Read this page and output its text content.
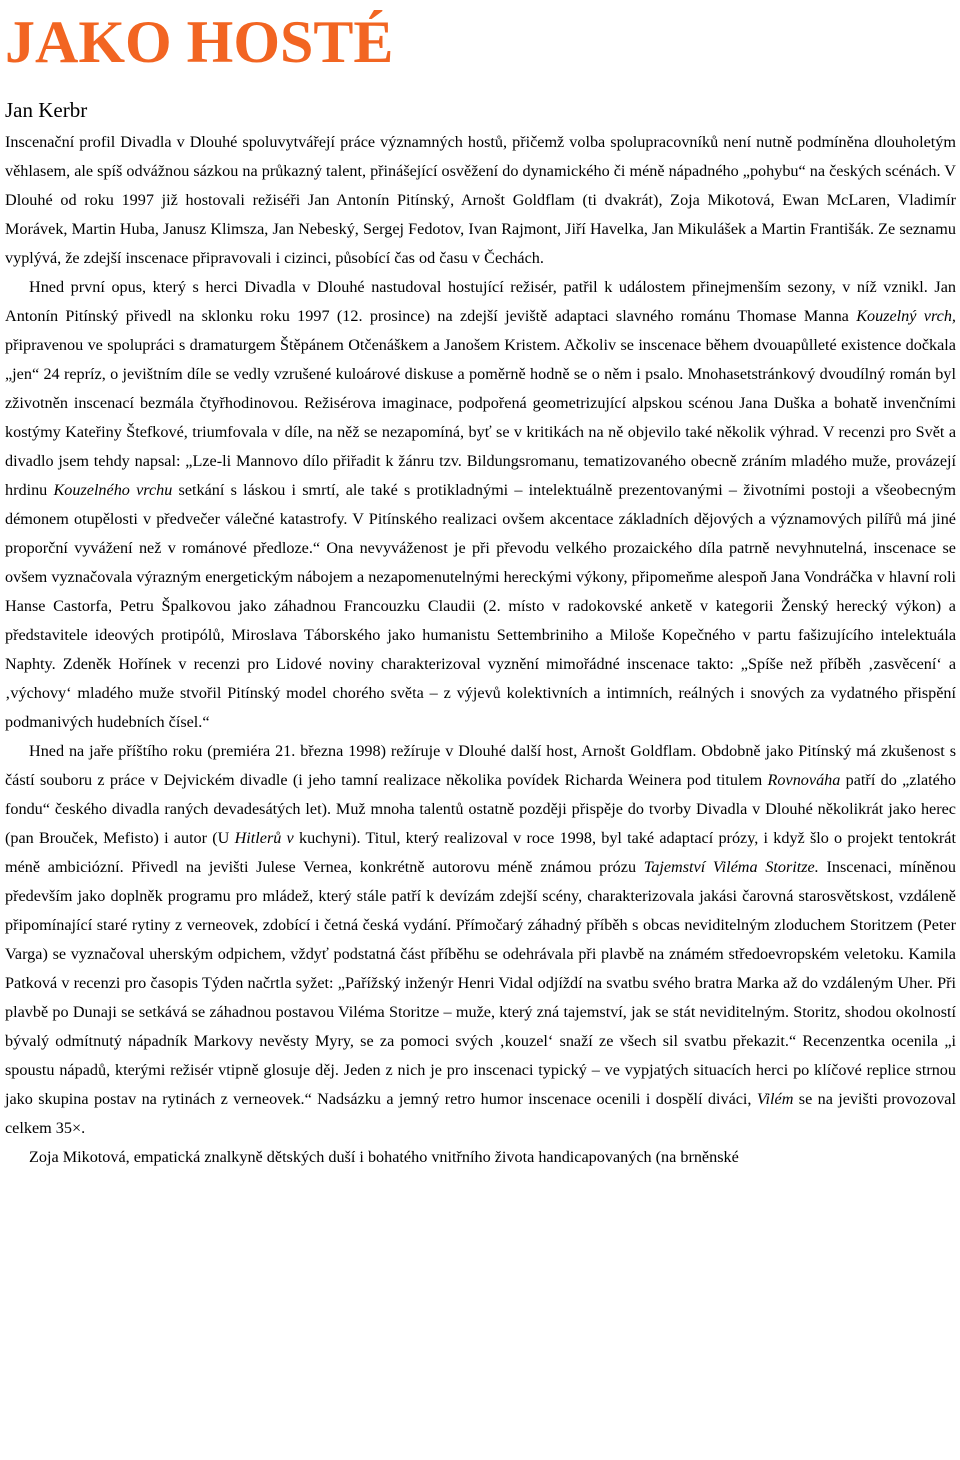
JAKO HOSTÉ
Jan Kerbr

Inscenační profil Divadla v Dlouhé spoluvytvářejí práce významných hostů, přičemž volba spolupracovníků není nutně podmíněna dlouholetým věhlasem, ale spíš odvážnou sázkou na průkazný talent, přinášející osvěžení do dynamického či méně nápadného „pohybu“ na českých scénách. V Dlouhé od roku 1997 již hostovali režiséři Jan Antonín Pitínský, Arnošt Goldflam (ti dvakrát), Zoja Mikotová, Ewan McLaren, Vladimír Morávek, Martin Huba, Janusz Klimsza, Jan Nebeský, Sergej Fedotov, Ivan Rajmont, Jiří Havelka, Jan Mikulášek a Martin Františák. Ze seznamu vyplývá, že zdejší inscenace připravovali i cizinci, působící čas od času v Čechách.

Hned první opus, který s herci Divadla v Dlouhé nastudoval hostující režisér, patřil k událostem přinejmenším sezony, v níž vznikl. Jan Antonín Pitínský přivedl na sklonku roku 1997 (12. prosince) na zdejší jeviště adaptaci slavného románu Thomase Manna Kouzelný vrch, připravenou ve spolupráci s dramaturgem Štěpánem Otčenáškem a Janošem Kristem. Ačkoliv se inscenace během dvouapůlleté existence dočkala „jen“ 24 repríz, o jevištním díle se vedly vzrušené kuloárové diskuse a poměrně hodně se o něm i psalo. Mnohasetstránkový dvoudílný román byl zživotněn inscenací bezmála čtyřhodinovou. Režisérova imaginace, podpořená geometrizující alpskou scénou Jana Duška a bohatě invenčními kostýmy Kateřiny Štefkové, triumfovala v díle, na něž se nezapomíná, byť se v kritikách na ně objevilo také několik výhrad. V recenzi pro Svět a divadlo jsem tehdy napsal: „Lze-li Mannovo dílo přiřadit k žánru tzv. Bildungsromanu, tematizovaného obecně zráním mladého muže, provázejí hrdinu Kouzelného vrchu setkání s láskou i smrtí, ale také s protikladnými – intelektuálně prezentovanými – životními postoji a všeobecným démonem otupělosti v předvečer válečné katastrofy. V Pitínského realizaci ovšem akcentace základních dějových a významových pilířů má jiné proporční vyvážení než v románové předloze.“ Ona nevyváženost je při převodu velkého prozaického díla patrně nevyhnutelná, inscenace se ovšem vyznačovala výrazným energetickým nábojem a nezapomenutelnými hereckými výkony, připomeňme alespoň Jana Vondráčka v hlavní roli Hanse Castorfa, Petru Špalkovou jako záhadnou Francouzku Claudii (2. místo v radokovské anketě v kategorii Ženský herecký výkon) a představitele ideových protipólů, Miroslava Táborského jako humanistu Settembriniho a Miloše Kopečného v partu fašizujícího intelektuála Naphty. Zdeněk Hořínek v recenzi pro Lidové noviny charakterizoval vyznění mimořádné inscenace takto: „Spíše než příběh ‚zasvěcení‘ a ‚výchovy‘ mladého muže stvořil Pitínský model chorého světa – z výjevů kolektivních a intimních, reálných i snových za vydatného přispění podmanivých hudebních čísel.“

Hned na jaře příštího roku (premiéra 21. března 1998) režíruje v Dlouhé další host, Arnošt Goldflam. Obdobně jako Pitínský má zkušenost s částí souboru z práce v Dejvickém divadle (i jeho tamní realizace několika povídek Richarda Weinera pod titulem Rovnováha patří do „zlatého fondu“ českého divadla raných devadesátých let). Muž mnoha talentů ostatně později přispěje do tvorby Divadla v Dlouhé několikrát jako herec (pan Brouček, Mefisto) i autor (U Hitlerů v kuchyni). Titul, který realizoval v roce 1998, byl také adaptací prózy, i když šlo o projekt tentokrát méně ambiciózní. Přivedl na jevišti Julese Vernea, konkrétně autorovu méně známou prózu Tajemství Viléma Storitze. Inscenaci, míněnou především jako doplněk programu pro mládež, který stále patří k devízám zdejší scény, charakterizovala jakási čarovná starosvětskost, vzdáleně připomínající staré rytiny z verneovek, zdobící i četná česká vydání. Přímočarý záhadný příběh s obcas neviditelným zloduchem Storitzem (Peter Varga) se vyznačoval uherským odpichem, vždyť podstatná část příběhu se odehrávala při plavbě na známém středoevropském veletoku. Kamila Patková v recenzi pro časopis Týden načrtla syžet: „Pařížský inženýr Henri Vidal odjíždí na svatbu svého bratra Marka až do vzdáleným Uher. Při plavbě po Dunaji se setkává se záhadnou postavou Viléma Storitze – muže, který zná tajemství, jak se stát neviditelným. Storitz, shodou okolností bývalý odmítnutý nápadník Markovy nevěsty Myry, se za pomoci svých ‚kouzel‘ snaží ze všech sil svatbu překazit.“ Recenzentka ocenila „i spoustu nápadů, kterými režisér vtipně glosuje děj. Jeden z nich je pro inscenaci typický – ve vypjatých situacích herci po klíčové replice strnou jako skupina postav na rytinách z verneovek.“ Nadsázku a jemný retro humor inscenace ocenili i dospělí diváci, Vilém se na jevišti provozoval celkem 35×.

Zoja Mikotová, empatická znalkyně dětských duší i bohatého vnitřního života handicapovaných (na brněnské
